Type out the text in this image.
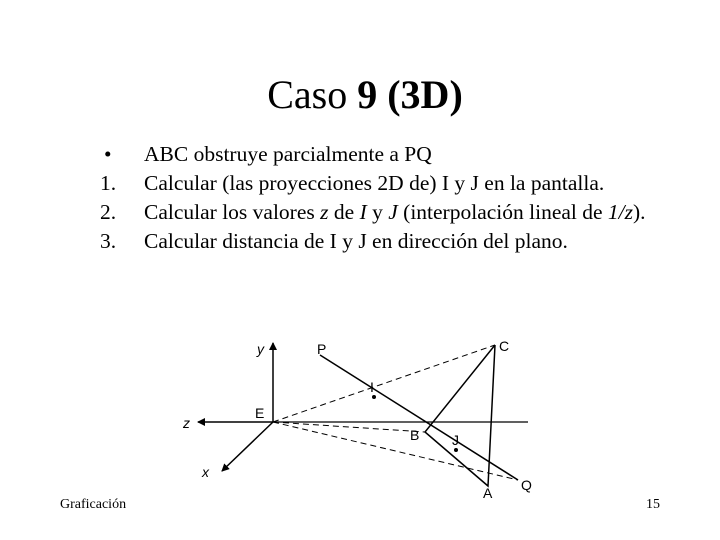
Caso 9 (3D)
•	ABC obstruye parcialmente a PQ
1.	Calcular (las proyecciones 2D de) I y J en la pantalla.
2.	Calcular los valores z de I y J (interpolación lineal de 1/z).
3.	Calcular distancia de I y J en dirección del plano.
y
z
x
E
P	C
I
B J
A Q
Graficación	15
